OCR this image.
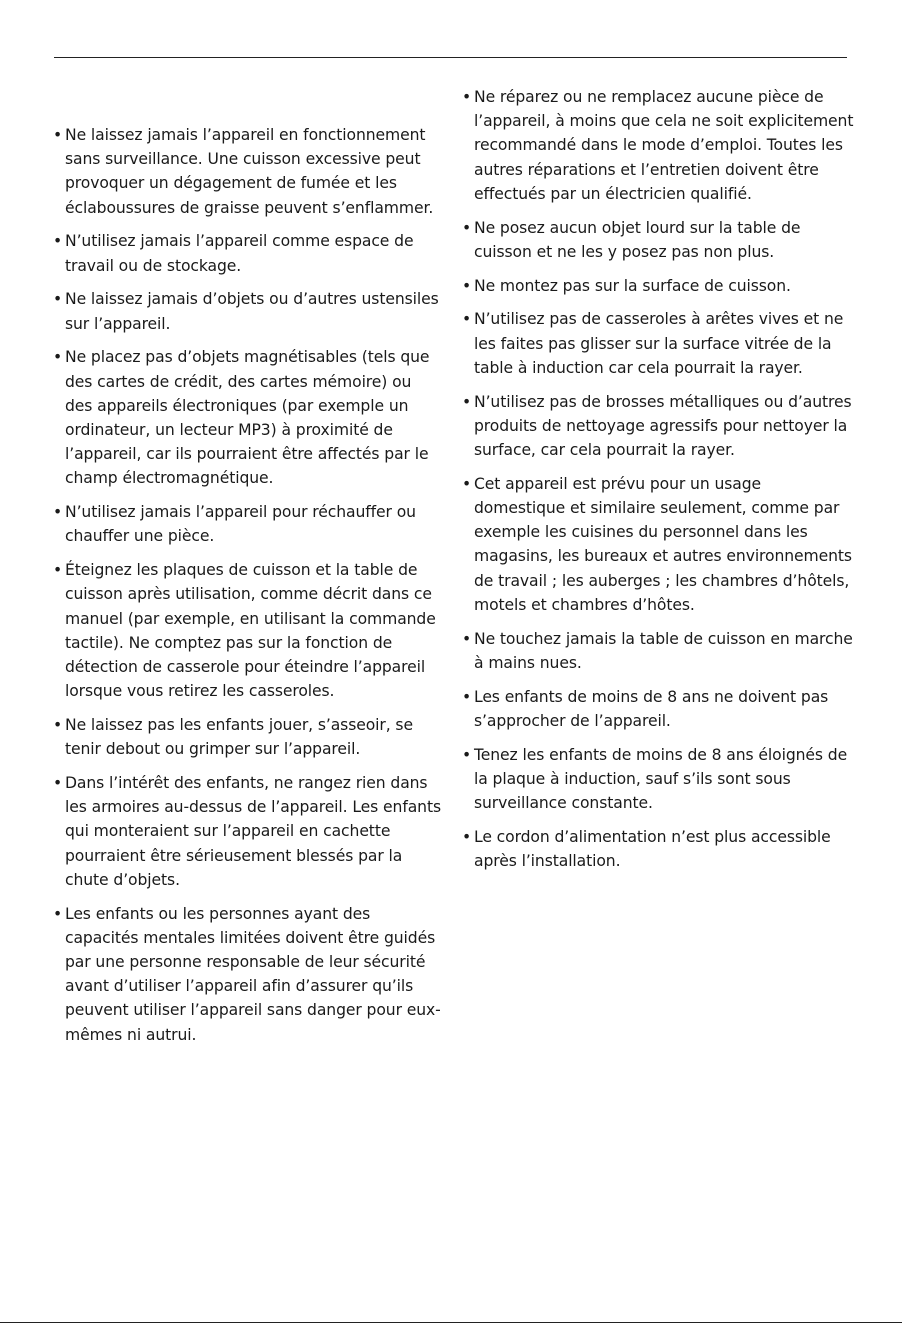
• Ne laissez jamais l’appareil en fonctionnement sans surveillance. Une cuisson excessive peut provoquer un dégagement de fumée et les éclaboussures de graisse peuvent s’enflammer.
• N’utilisez jamais l’appareil comme espace de travail ou de stockage.
• Ne laissez jamais d’objets ou d’autres ustensiles sur l’appareil.
• Ne placez pas d’objets magnétisables (tels que des cartes de crédit, des cartes mémoire) ou des appareils électroniques (par exemple un ordinateur, un lecteur MP3) à proximité de l’appareil, car ils pourraient être affectés par le champ électromagnétique.
• N’utilisez jamais l’appareil pour réchauffer ou chauffer une pièce.
• Éteignez les plaques de cuisson et la table de cuisson après utilisation, comme décrit dans ce manuel (par exemple, en utilisant la commande tactile). Ne comptez pas sur la fonction de détection de casserole pour éteindre l’appareil lorsque vous retirez les casseroles.
• Ne laissez pas les enfants jouer, s’asseoir, se tenir debout ou grimper sur l’appareil.
• Dans l’intérêt des enfants, ne rangez rien dans les armoires au-dessus de l’appareil. Les enfants qui monteraient sur l’appareil en cachette pourraient être sérieusement blessés par la chute d’objets.
• Les enfants ou les personnes ayant des capacités mentales limitées doivent être guidés par une personne responsable de leur sécurité avant d’utiliser l’appareil afin d’assurer qu’ils peuvent utiliser l’appareil sans danger pour eux-mêmes ni autrui.
• Ne réparez ou ne remplacez aucune pièce de l’appareil, à moins que cela ne soit explicitement recommandé dans le mode d’emploi. Toutes les autres réparations et l’entretien doivent être effectués par un électricien qualifié.
• Ne posez aucun objet lourd sur la table de cuisson et ne les y posez pas non plus.
• Ne montez pas sur la surface de cuisson.
• N’utilisez pas de casseroles à arêtes vives et ne les faites pas glisser sur la surface vitrée de la table à induction car cela pourrait la rayer.
• N’utilisez pas de brosses métalliques ou d’autres produits de nettoyage agressifs pour nettoyer la surface, car cela pourrait la rayer.
• Cet appareil est prévu pour un usage domestique et similaire seulement, comme par exemple les cuisines du personnel dans les magasins, les bureaux et autres environnements de travail ; les auberges ; les chambres d’hôtels, motels et chambres d’hôtes.
• Ne touchez jamais la table de cuisson en marche à mains nues.
• Les enfants de moins de 8 ans ne doivent pas s’approcher de l’appareil.
• Tenez les enfants de moins de 8 ans éloignés de la plaque à induction, sauf s’ils sont sous surveillance constante.
• Le cordon d’alimentation n’est plus accessible après l’installation.
